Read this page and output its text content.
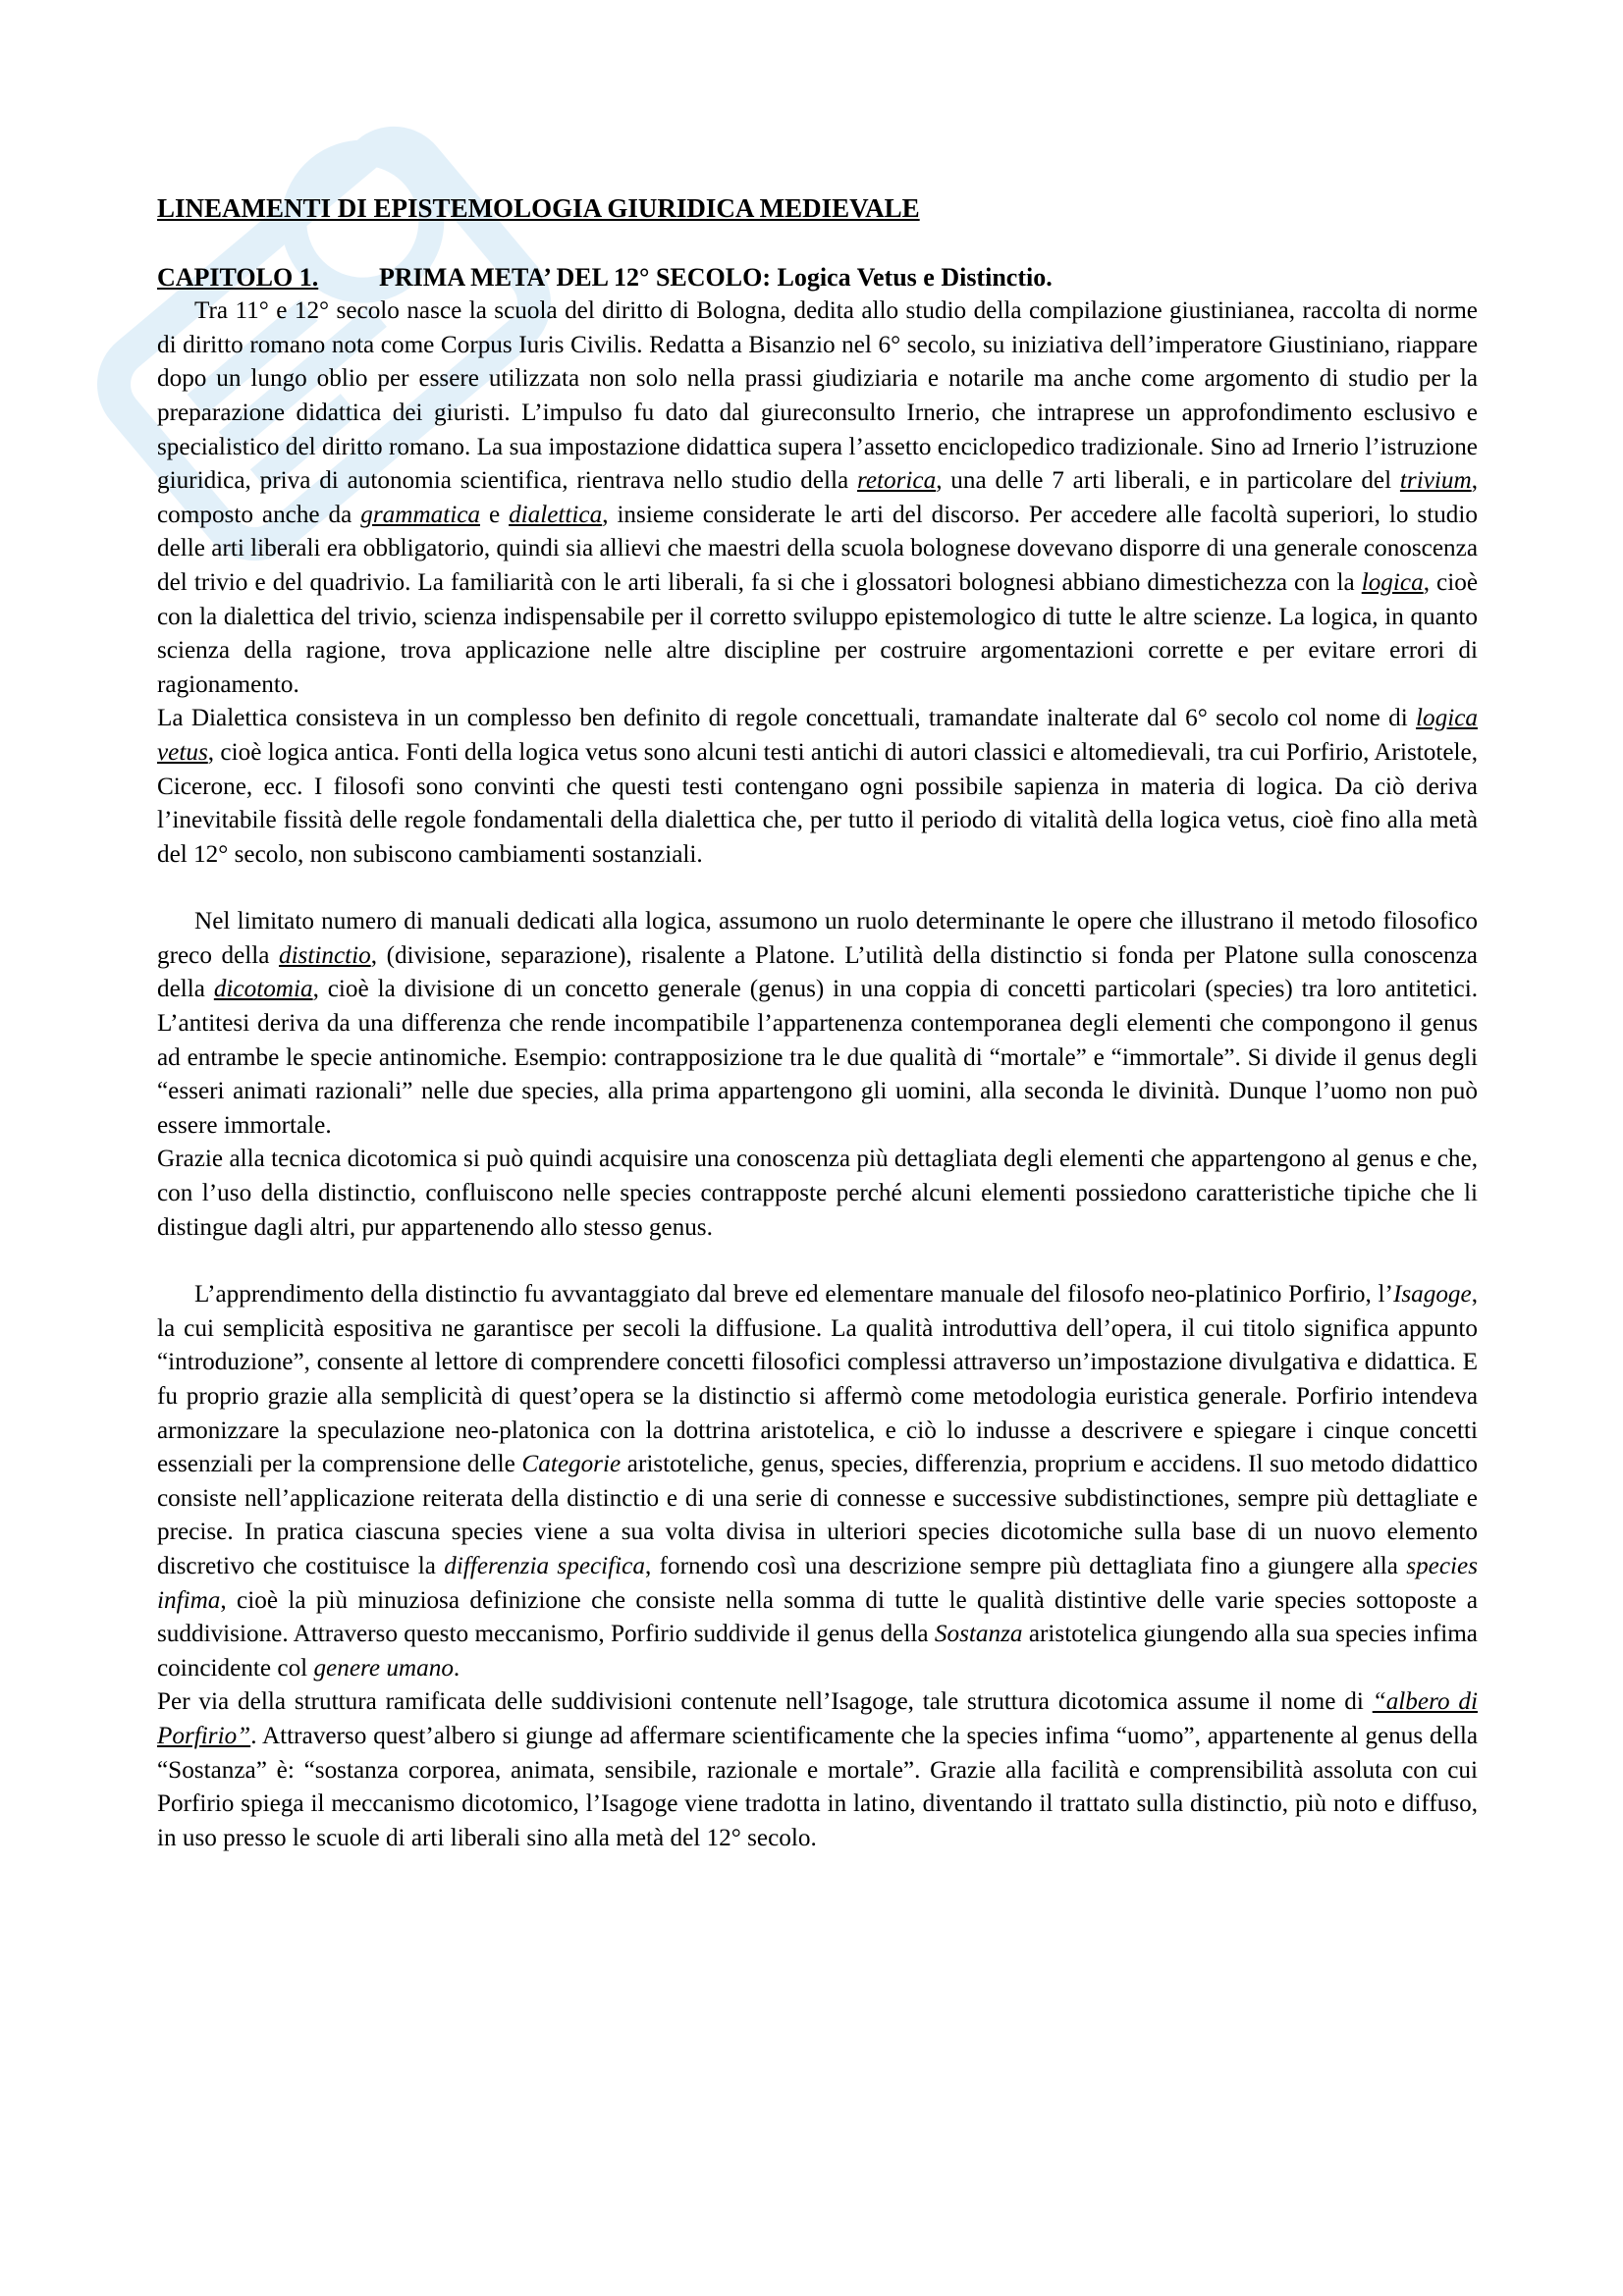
LINEAMENTI DI EPISTEMOLOGIA GIURIDICA MEDIEVALE
CAPITOLO 1. PRIMA META’ DEL 12° SECOLO: Logica Vetus e Distinctio.

Tra 11° e 12° secolo nasce la scuola del diritto di Bologna, dedita allo studio della compilazione giustinianea, raccolta di norme di diritto romano nota come Corpus Iuris Civilis. Redatta a Bisanzio nel 6° secolo, su iniziativa dell’imperatore Giustiniano, riappare dopo un lungo oblio per essere utilizzata non solo nella prassi giudiziaria e notarile ma anche come argomento di studio per la preparazione didattica dei giuristi. L’impulso fu dato dal giureconsulto Irnerio, che intraprese un approfondimento esclusivo e specialistico del diritto romano. La sua impostazione didattica supera l’assetto enciclopedico tradizionale. Sino ad Irnerio l’istruzione giuridica, priva di autonomia scientifica, rientrava nello studio della retorica, una delle 7 arti liberali, e in particolare del trivium, composto anche da grammatica e dialettica, insieme considerate le arti del discorso. Per accedere alle facoltà superiori, lo studio delle arti liberali era obbligatorio, quindi sia allievi che maestri della scuola bolognese dovevano disporre di una generale conoscenza del trivio e del quadrivio. La familiarità con le arti liberali, fa si che i glossatori bolognesi abbiano dimestichezza con la logica, cioè con la dialettica del trivio, scienza indispensabile per il corretto sviluppo epistemologico di tutte le altre scienze. La logica, in quanto scienza della ragione, trova applicazione nelle altre discipline per costruire argomentazioni corrette e per evitare errori di ragionamento.

La Dialettica consisteva in un complesso ben definito di regole concettuali, tramandate inalterate dal 6° secolo col nome di logica vetus, cioè logica antica. Fonti della logica vetus sono alcuni testi antichi di autori classici e altomedievali, tra cui Porfirio, Aristotele, Cicerone, ecc. I filosofi sono convinti che questi testi contengano ogni possibile sapienza in materia di logica. Da ciò deriva l’inevitabile fissità delle regole fondamentali della dialettica che, per tutto il periodo di vitalità della logica vetus, cioè fino alla metà del 12° secolo, non subiscono cambiamenti sostanziali.

Nel limitato numero di manuali dedicati alla logica, assumono un ruolo determinante le opere che illustrano il metodo filosofico greco della distinctio, (divisione, separazione), risalente a Platone. L’utilità della distinctio si fonda per Platone sulla conoscenza della dicotomia, cioè la divisione di un concetto generale (genus) in una coppia di concetti particolari (species) tra loro antitetici. L’antitesi deriva da una differenza che rende incompatibile l’appartenenza contemporanea degli elementi che compongono il genus ad entrambe le specie antinomiche. Esempio: contrapposizione tra le due qualità di “mortale” e “immortale”. Si divide il genus degli “esseri animati razionali” nelle due species, alla prima appartengono gli uomini, alla seconda le divinità. Dunque l’uomo non può essere immortale.

Grazie alla tecnica dicotomica si può quindi acquisire una conoscenza più dettagliata degli elementi che appartengono al genus e che, con l’uso della distinctio, confluiscono nelle species contrapposte perché alcuni elementi possiedono caratteristiche tipiche che li distingue dagli altri, pur appartenendo allo stesso genus.

L’apprendimento della distinctio fu avvantaggiato dal breve ed elementare manuale del filosofo neo-platinico Porfirio, l’Isagoge, la cui semplicità espositiva ne garantisce per secoli la diffusione. La qualità introduttiva dell’opera, il cui titolo significa appunto “introduzione”, consente al lettore di comprendere concetti filosofici complessi attraverso un’impostazione divulgativa e didattica. E fu proprio grazie alla semplicità di quest’opera se la distinctio si affermò come metodologia euristica generale. Porfirio intendeva armonizzare la speculazione neo-platonica con la dottrina aristotelica, e ciò lo indusse a descrivere e spiegare i cinque concetti essenziali per la comprensione delle Categorie aristoteliche, genus, species, differenzia, proprium e accidens. Il suo metodo didattico consiste nell’applicazione reiterata della distinctio e di una serie di connesse e successive subdistinctiones, sempre più dettagliate e precise. In pratica ciascuna species viene a sua volta divisa in ulteriori species dicotomiche sulla base di un nuovo elemento discretivo che costituisce la differenzia specifica, fornendo così una descrizione sempre più dettagliata fino a giungere alla species infima, cioè la più minuziosa definizione che consiste nella somma di tutte le qualità distintive delle varie species sottoposte a suddivisione. Attraverso questo meccanismo, Porfirio suddivide il genus della Sostanza aristotelica giungendo alla sua species infima coincidente col genere umano.

Per via della struttura ramificata delle suddivisioni contenute nell’Isagoge, tale struttura dicotomica assume il nome di “albero di Porfirio”. Attraverso quest’albero si giunge ad affermare scientificamente che la species infima “uomo”, appartenente al genus della “Sostanza” è: “sostanza corporea, animata, sensibile, razionale e mortale”. Grazie alla facilità e comprensibilità assoluta con cui Porfirio spiega il meccanismo dicotomico, l’Isagoge viene tradotta in latino, diventando il trattato sulla distinctio, più noto e diffuso, in uso presso le scuole di arti liberali sino alla metà del 12° secolo.
